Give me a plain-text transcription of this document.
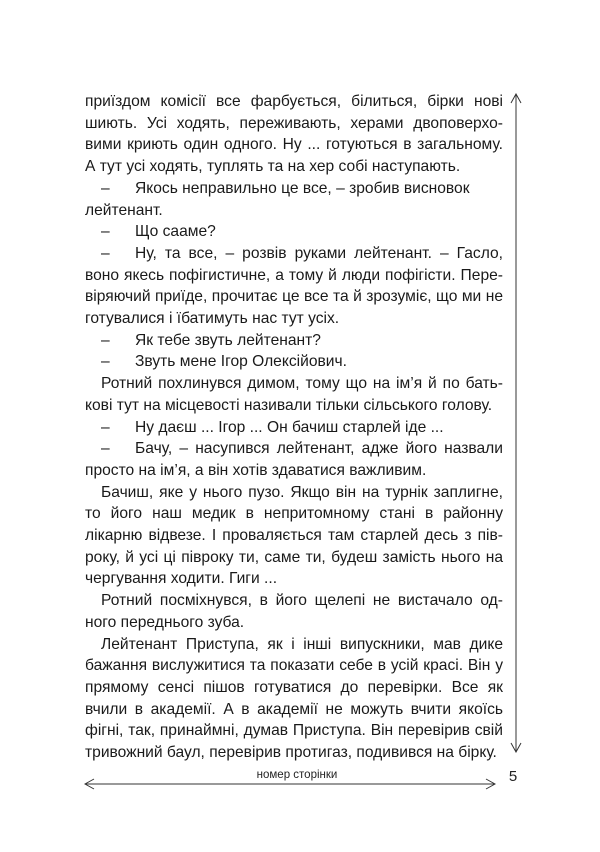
приїздом комісії все фарбується, білиться, бірки нові шиють. Усі ходять, переживають, херами двоповерховими криють один одного. Ну ... готуються в загальному. А тут усі ходять, туплять та на хер собі наступають.

– Якось неправильно це все, – зробив висновок лейтенант.

– Що сааме?

– Ну, та все, – розвів руками лейтенант. – Гасло, воно якесь пофігистичне, а тому й люди пофігісти. Перевіряючий приїде, прочитає це все та й зрозуміє, що ми не готувалися і їбатимуть нас тут усіх.

– Як тебе звуть лейтенант?

– Звуть мене Ігор Олексійович.

Ротний похлинувся димом, тому що на ім’я й по батькові тут на місцевості називали тільки сільського голову.

– Ну даєш ... Ігор ... Он бачиш старлей іде ...

– Бачу, – насупився лейтенант, адже його назвали просто на ім’я, а він хотів здаватися важливим.

Бачиш, яке у нього пузо. Якщо він на турнік заплигне, то його наш медик в непритомному стані в районну лікарню відвезе. І проваляється там старлей десь з півроку, й усі ці півроку ти, саме ти, будеш замість нього на чергування ходити. Гиги ...

Ротний посміхнувся, в його щелепі не вистачало одного переднього зуба.

Лейтенант Приступа, як і інші випускники, мав дике бажання вислужитися та показати себе в усій красі. Він у прямому сенсі пішов готуватися до перевірки. Все як вчили в академії. А в академії не можуть вчити якоїсь фігні, так, принаймні, думав Приступа. Він перевірив свій тривожний баул, перевірив протигаз, подивився на бірку.

номер сторінки	5
